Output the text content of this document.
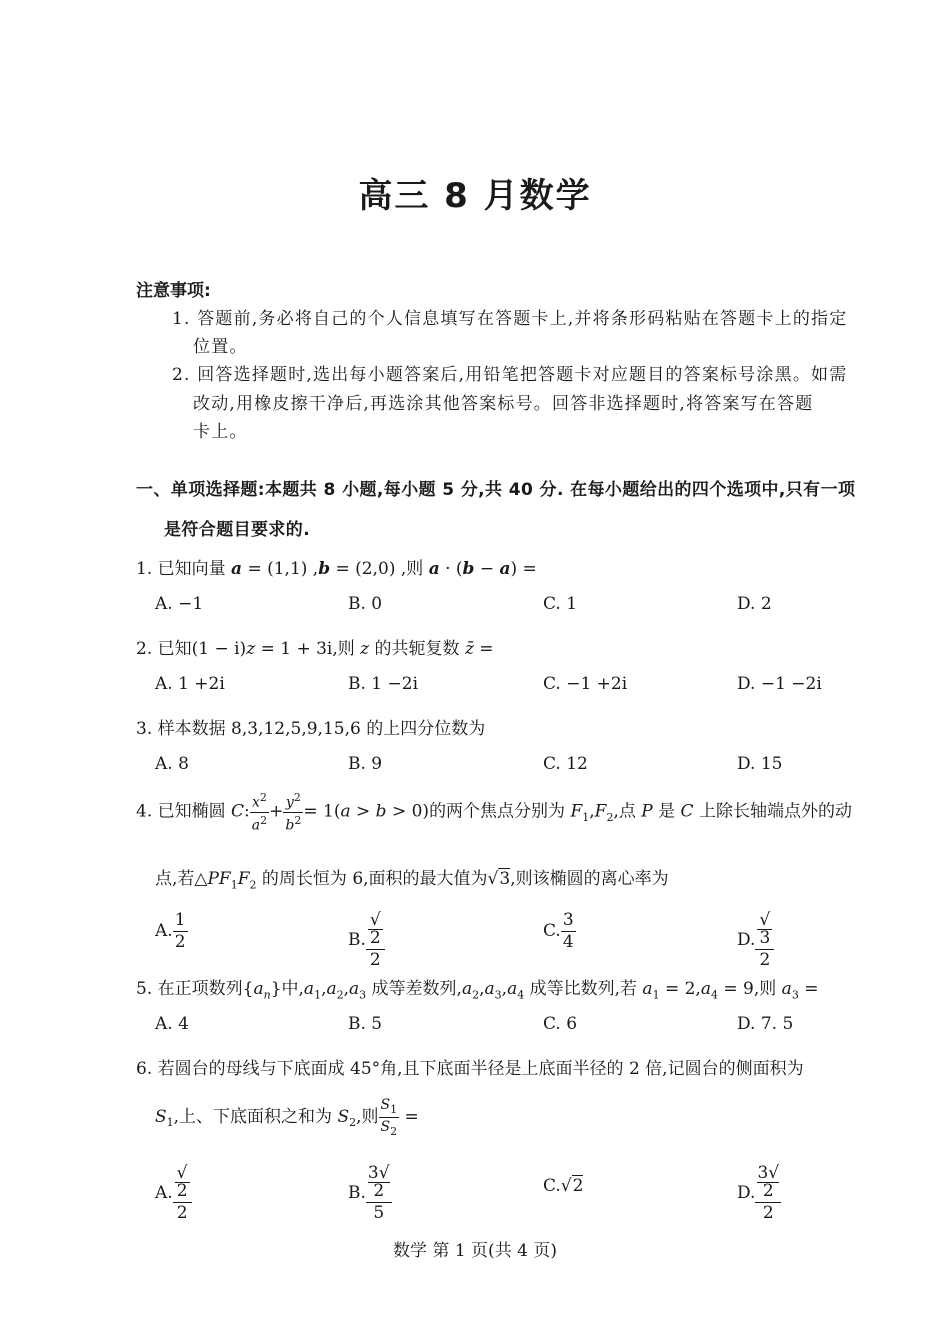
高三 8 月数学
注意事项:
1. 答题前,务必将自己的个人信息填写在答题卡上,并将条形码粘贴在答题卡上的指定
位置。
2. 回答选择题时,选出每小题答案后,用铅笔把答题卡对应题目的答案标号涂黑。如需
改动,用橡皮擦干净后,再选涂其他答案标号。回答非选择题时,将答案写在答题
卡上。
一、单项选择题:本题共 8 小题,每小题 5 分,共 40 分. 在每小题给出的四个选项中,只有一项
是符合题目要求的.
1. 已知向量 a = (1,1) ,b = (2,0) ,则 a · (b − a) =
A. −1	B. 0	C. 1	D. 2
2. 已知(1 − i)z = 1 + 3i,则 z 的共轭复数 z̄ =
A. 1 +2i	B. 1 −2i	C. −1 +2i	D. −1 −2i
3. 样本数据 8,3,12,5,9,15,6 的上四分位数为
A. 8	B. 9	C. 12	D. 15
4. 已知椭圆 C: $\frac{x^2}{a^2} + \frac{y^2}{b^2} = 1(a > b > 0)$的两个焦点分别为 $F_1,F_2$,点 P 是 C 上除长轴端点外的动
点,若$\triangle PF_1F_2$ 的周长恒为 6,面积的最大值为√3,则该椭圆的离心率为
A. $\frac{1}{2}$	B. √
2
2	C. $\frac{3}{4}$	D. √
3
2
5. 在正项数列$\{a_n\}$中$,a_1,a_2,a_3$ 成等差数列$,a_2,a_3,a_4$ 成等比数列,若 $a_1 = 2,a_4 = 9$,则 $a_3$ =
A. 4	B. 5	C. 6	D. 7. 5
6. 若圆台的母线与下底面成 45°角,且下底面半径是上底面半径的 2 倍,记圆台的侧面积为
$S_1$,上、下底面积之和为 $S_2$,则 $\frac{S_1}{S_2}$ =
A. √
2
2	B. 3√
2
5	C.√2	D. 3√
2
2
数学 第 1 页(共 4 页)
